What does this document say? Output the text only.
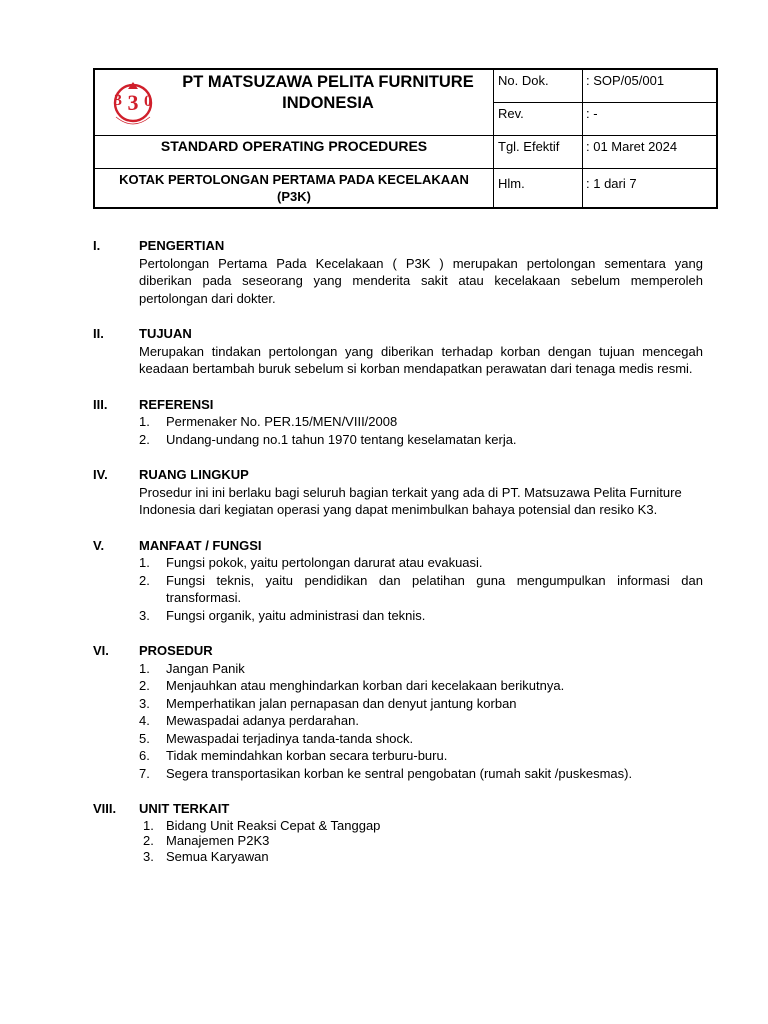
3
3 0
PT MATSUZAWA PELITA FURNITURE
INDONESIA
STANDARD OPERATING PROCEDURES
KOTAK PERTOLONGAN PERTAMA PADA KECELAKAAN
(P3K)
No. Dok.	: SOP/05/001
Rev.	: -
Tgl. Efektif : 01 Maret 2024
Hlm.	: 1 dari 7
I.	PENGERTIAN
Pertolongan Pertama Pada Kecelakaan ( P3K ) merupakan pertolongan sementara yang diberikan pada seseorang yang menderita sakit atau kecelakaan sebelum memperoleh pertolongan dari dokter.
II.	TUJUAN
Merupakan tindakan pertolongan yang diberikan terhadap korban dengan tujuan mencegah keadaan bertambah buruk sebelum si korban mendapatkan perawatan dari tenaga medis resmi.
III. REFERENSI
1. Permenaker No. PER.15/MEN/VIII/2008
2. Undang-undang no.1 tahun 1970 tentang keselamatan kerja.
IV. RUANG LINGKUP
Prosedur ini ini berlaku bagi seluruh bagian terkait yang ada di PT. Matsuzawa Pelita Furniture Indonesia dari kegiatan operasi yang dapat menimbulkan bahaya potensial dan resiko K3.
V.	MANFAAT / FUNGSI
1. Fungsi pokok, yaitu pertolongan darurat atau evakuasi.
2. Fungsi teknis, yaitu pendidikan dan pelatihan guna mengumpulkan informasi dan transformasi.
3. Fungsi organik, yaitu administrasi dan teknis.
VI. PROSEDUR
1. Jangan Panik
2. Menjauhkan atau menghindarkan korban dari kecelakaan berikutnya.
3. Memperhatikan jalan pernapasan dan denyut jantung korban
4. Mewaspadai adanya perdarahan.
5. Mewaspadai terjadinya tanda-tanda shock.
6. Tidak memindahkan korban secara terburu-buru.
7. Segera transportasikan korban ke sentral pengobatan (rumah sakit /puskesmas).
VIII. UNIT TERKAIT
1. Bidang Unit Reaksi Cepat & Tanggap
2. Manajemen P2K3
3. Semua Karyawan
